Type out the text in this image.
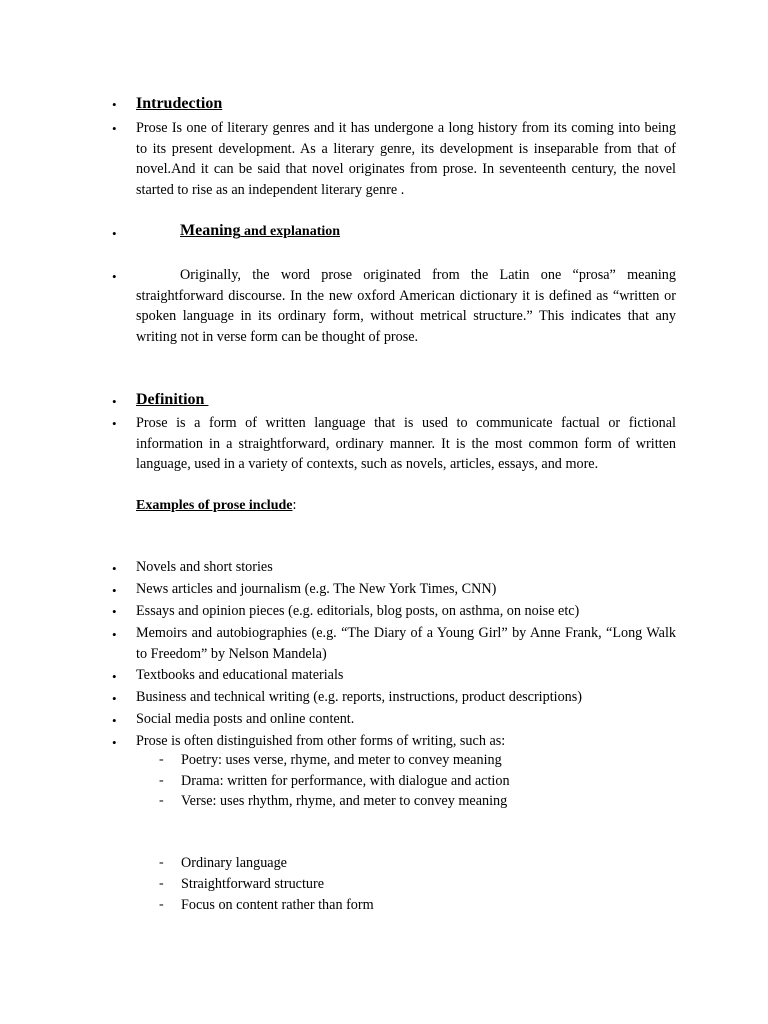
• Intrudection
• Prose Is one of literary genres and it has undergone a long history from its coming into being to its present development. As a literary genre, its development is inseparable from that of novel.And it can be said that novel originates from prose. In seventeenth century, the novel started to rise as an independent literary genre .
•	Meaning and explanation
•	Originally, the word prose originated from the Latin one “prosa” meaning straightforward discourse. In the new oxford American dictionary it is defined as “written or spoken language in its ordinary form, without metrical structure.” This indicates that any writing not in verse form can be thought of prose.
• Definition
• Prose is a form of written language that is used to communicate factual or fictional information in a straightforward, ordinary manner. It is the most common form of written language, used in a variety of contexts, such as novels, articles, essays, and more.
Examples of prose include:
• Novels and short stories
• News articles and journalism (e.g. The New York Times, CNN)
• Essays and opinion pieces (e.g. editorials, blog posts, on asthma, on noise etc)
• Memoirs and autobiographies (e.g. “The Diary of a Young Girl” by Anne Frank, “Long Walk to Freedom” by Nelson Mandela)
• Textbooks and educational materials
• Business and technical writing (e.g. reports, instructions, product descriptions)
• Social media posts and online content.
• Prose is often distinguished from other forms of writing, such as:
- Poetry: uses verse, rhyme, and meter to convey meaning
- Drama: written for performance, with dialogue and action
- Verse: uses rhythm, rhyme, and meter to convey meaning
- Ordinary language
- Straightforward structure
- Focus on content rather than form
